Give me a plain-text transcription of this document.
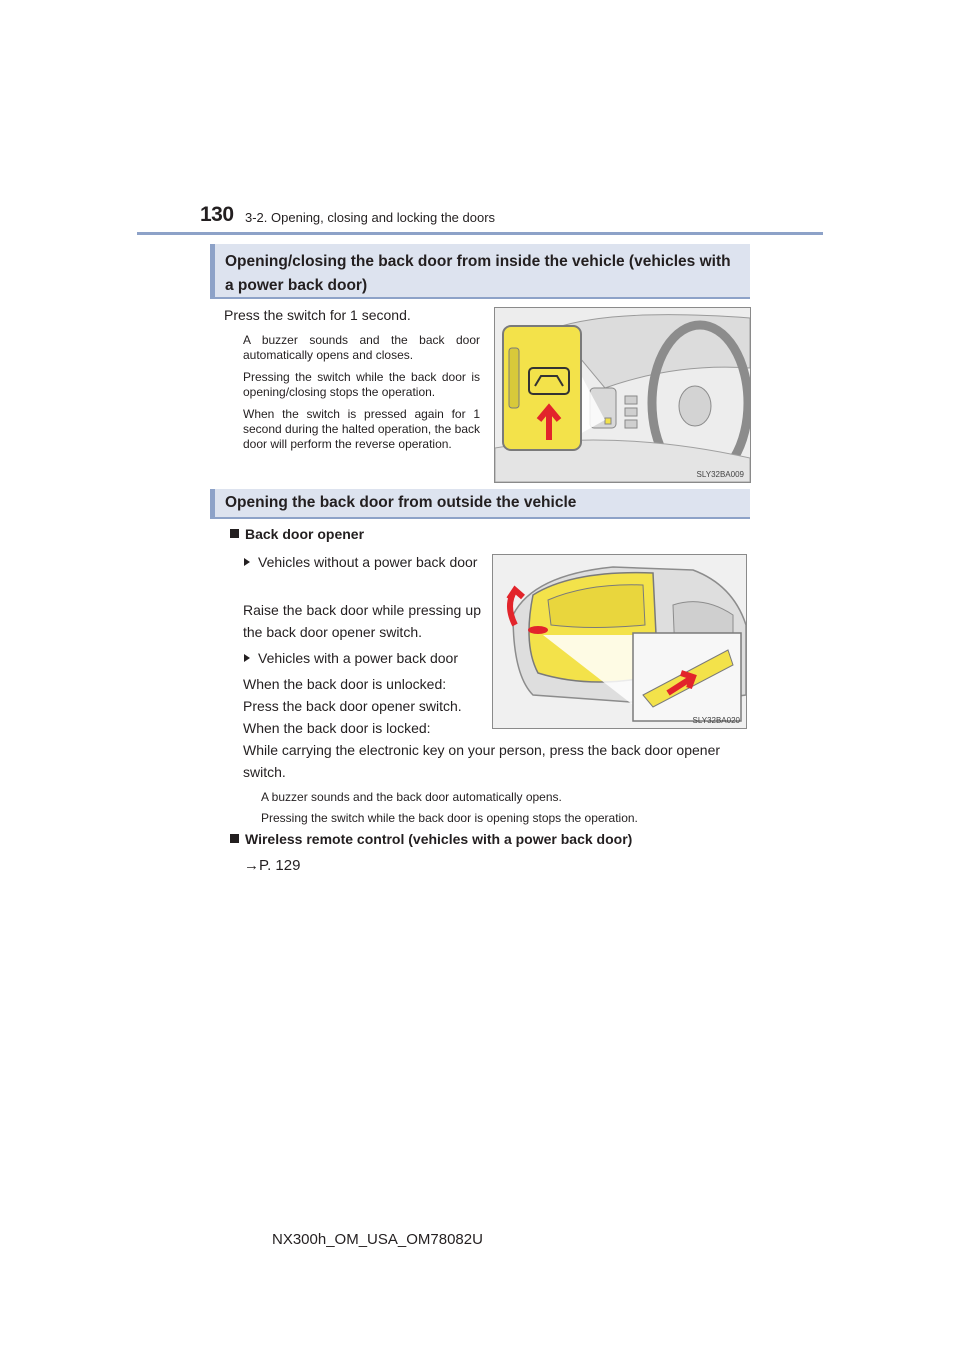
130 3-2. Opening, closing and locking the doors
Opening/closing the back door from inside the vehicle (vehicles with a power back door)
Press the switch for 1 second.
A buzzer sounds and the back door automatically opens and closes.
Pressing the switch while the back door is opening/closing stops the operation.
When the switch is pressed again for 1 second during the halted operation, the back door will perform the reverse operation.
SLY32BA009
Opening the back door from outside the vehicle
Back door opener
Vehicles without a power back door
Raise the back door while pressing up the back door opener switch.
Vehicles with a power back door
When the back door is unlocked:
Press the back door opener switch.
When the back door is locked:
While carrying the electronic key on your person, press the back door opener switch.
SLY32BA020
A buzzer sounds and the back door automatically opens.
Pressing the switch while the back door is opening stops the operation.
Wireless remote control (vehicles with a power back door)
→P. 129
NX300h_OM_USA_OM78082U
